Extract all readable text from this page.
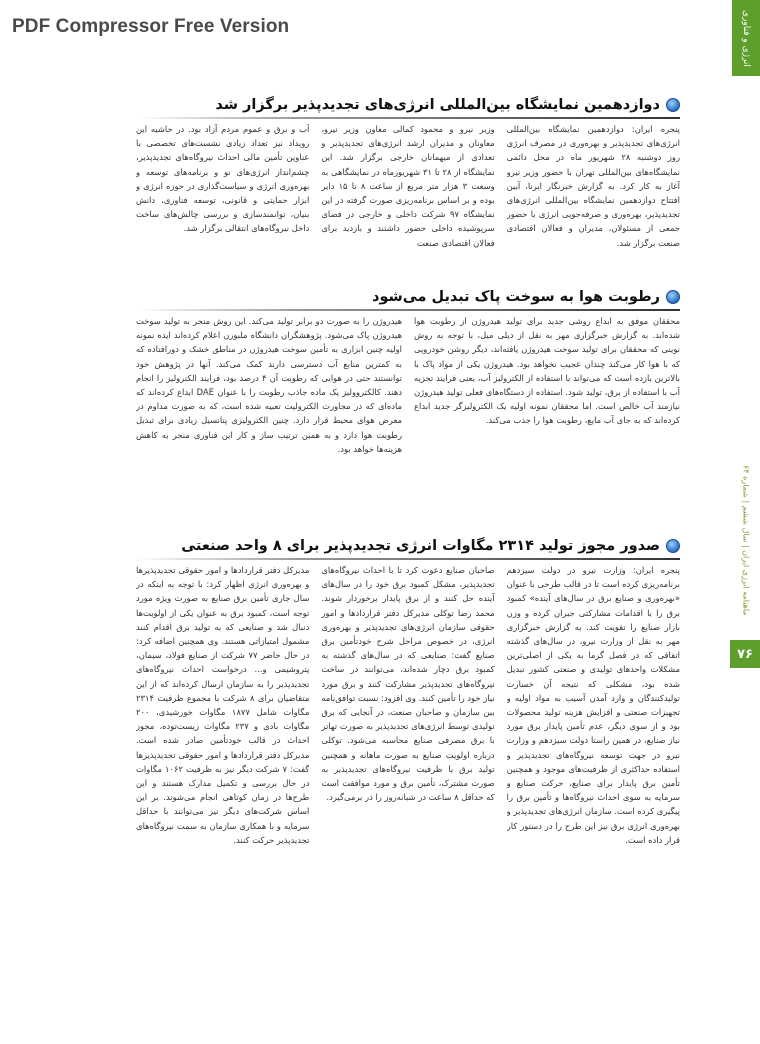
PDF Compressor Free Version	انرژی و فناوری
ماهنامه انرژی ایران | سال ششم | شماره ۶۴
۷۶
دوازدهمین نمایشگاه بین‌المللی انرژی‌های تجدیدپذیر برگزار شد

پنجره ایران: دوازدهمین نمایشگاه بین‌المللی انرژی‌های تجدیدپذیر و بهره‌وری در مصرف انرژی روز دوشنبه ۲۸ شهریور ماه در محل دائمی نمایشگاه‌های بین‌المللی تهران با حضور وزیر نیرو آغاز به کار کرد. به گزارش خبرنگار ایرنا، آیین افتتاح دوازدهمین نمایشگاه بین‌المللی انرژی‌های تجدیدپذیر، بهره‌وری و صرفه‌جویی انرژی با حضور جمعی از مسئولان، مدیران و فعالان اقتصادی صنعت برگزار شد.

وزیر نیرو و محمود کمالی معاون وزیر نیرو، معاونان و مدیران ارشد انرژی‌های تجدیدپذیر و تعدادی از میهمانان خارجی برگزار شد. این نمایشگاه از ۲۸ تا ۳۱ شهریورماه در نمایشگاهی به وسعت ۳ هزار متر مربع از ساعت ۸ تا ۱۵ دایر بوده و بر اساس برنامه‌ریزی صورت گرفته در این نمایشگاه ۹۷ شرکت داخلی و خارجی در فضای سرپوشیده داخلی حضور داشتند و بازدید برای فعالان اقتصادی صنعت

آب و برق و عموم مردم آزاد بود. در حاشیه این رویداد نیز تعداد زیادی نشست‌های تخصصی با عناوین تأمین مالی احداث نیروگاه‌های تجدیدپذیر، چشم‌انداز انرژی‌های نو و برنامه‌های توسعه و بهره‌وری انرژی و سیاست‌گذاری در حوزه انرژی و ابزار حمایتی و قانونی، توسعه فناوری، دانش بنیان، توانمندسازی و بررسی چالش‌های ساخت داخل نیروگاه‌های انتقالی برگزار شد.

رطوبت هوا به سوخت پاک تبدیل می‌شود

محققان موفق به ابداع روشی جدید برای تولید هیدروژن از رطوبت هوا شده‌اند. به گزارش خبرگزاری مهر به نقل از دیلی میل، با توجه به روش نوینی که محققان برای تولید سوخت هیدروژن یافته‌اند، دیگر روشن خودرویی که با هوا کار می‌کند چندان عجیب نخواهد بود. هیدروژن یکی از مواد پاک با بالاترین بازده است که می‌تواند با استفاده از الکترولیز آب، یعنی فرایند تجزیه آب با استفاده از برق، تولید شود. استفاده از دستگاه‌های فعلی تولید هیدروژن نیازمند آب خالص است. اما محققان نمونه اولیه یک الکترولیزگر جدید ابداع کرده‌اند که به جای آب مایع، رطوبت هوا را جذب می‌کند.

هیدروژن را به صورت دو برابر تولید می‌کند. این روش منجر به تولید سوخت هیدروژن پاک می‌شود. پژوهشگران دانشگاه ملبورن اعلام کرده‌اند ایده نمونه اولیه چنین ابزاری به تأمین سوخت هیدروژن در مناطق خشک و دورافتاده که به کمترین منابع آب دسترسی دارند کمک می‌کند. آنها در پژوهش خود توانستند حتی در هوایی که رطوبت آن ۴ درصد بود، فرایند الکترولیز را انجام دهند. کالکتروولیز یک ماده جاذب رطوبت را با عنوان DAE ابداع کرده‌اند که ماده‌ای که در مجاورت الکترولیت تعبیه شده است، که به صورت مداوم در معرض هوای محیط قرار دارد. چنین الکترولیزی پتانسیل زیادی برای تبدیل رطوبت هوا دارد و به همین ترتیب ساز و کار این فناوری منجر به کاهش هزینه‌ها خواهد بود.

صدور مجوز تولید ۲۳۱۴ مگاوات انرژی تجدیدپذیر برای ۸ واحد صنعتی

پنجره ایران: وزارت نیرو در دولت سیزدهم برنامه‌ریزی کرده است تا در قالب طرحی با عنوان «بهره‌وری و صنایع برق در سال‌های آینده» کمبود برق را با اقدامات مشارکتی جبران کرده و وزن بازار صنایع را تقویت کند. به گزارش خبرگزاری مهر به نقل از وزارت نیرو، در سال‌های گذشته اتفاقی که در فصل گرما به یکی از اصلی‌ترین مشکلات واحدهای تولیدی و صنعتی کشور تبدیل شده بود، مشکلی که نتیجه آن خسارت تولیدکنندگان و وارد آمدن آسیب به مواد اولیه و تجهیزات صنعتی و افزایش هزینه تولید محصولات بود و از سوی دیگر، عدم تأمین پایدار برق مورد نیاز صنایع، در همین راستا دولت سیزدهم و وزارت نیرو در جهت توسعه نیروگاه‌های تجدیدپذیر و استفاده حداکثری از ظرفیت‌های موجود و همچنین تأمین برق پایدار برای صنایع، حرکت صنایع و سرمایه به سوی احداث نیروگاه‌ها و تأمین برق را پیگیری کرده است. سازمان انرژی‌های تجدیدپذیر و بهره‌وری انرژی برق نیز این طرح را در دستور کار قرار داده است.

صاحبان صنایع دعوت کرد تا با احداث نیروگاه‌های تجدیدپذیر، مشکل کمبود برق خود را در سال‌های آینده حل کنند و از برق پایدار برخوردار شوند. محمد رضا توکلی مدیرکل دفتر قراردادها و امور حقوقی سازمان انرژی‌های تجدیدپذیر و بهره‌وری انرژی، در خصوص مراحل شرح خودتأمین برق صنایع گفت: صنایعی که در سال‌های گذشته به کمبود برق دچار شده‌اند، می‌توانند در ساخت نیروگاه‌های تجدیدپذیر مشارکت کنند و برق مورد نیاز خود را تأمین کنند. وی افزود: نسبت توافق‌نامه بین سازمان و صاحبان صنعت، در آنجایی که برق تولیدی توسط انرژی‌های تجدیدپذیر به صورت تهاتر با برق مصرفی صنایع محاسبه می‌شود. توکلی درباره اولویت صنایع به صورت ماهانه و همچنین تولید برق با ظرفیت نیروگاه‌های تجدیدپذیر به صورت مشترک، تأمین برق و مورد موافقت است که حداقل ۸ ساعت در شبانه‌روز را در برمی‌گیرد.

مدیرکل دفتر قراردادها و امور حقوقی تجدیدپذیرها و بهره‌وری انرژی اظهار کرد: با توجه به اینکه در سال جاری تأمین برق صنایع به صورت ویژه مورد توجه است، کمبود برق به عنوان یکی از اولویت‌ها دنبال شد و صنایعی که به تولید برق اقدام کنند مشمول امتیازاتی هستند. وی همچنین اضافه کرد: در حال حاضر ۷۷ شرکت از صنایع فولاد، سیمان، پتروشیمی و... درخواست احداث نیروگاه‌های تجدیدپذیر را به سازمان ارسال کرده‌اند که از این متقاضیان برای ۸ شرکت با مجموع ظرفیت ۲۳۱۴ مگاوات شامل ۱۸۷۷ مگاوات خورشیدی، ۲۰۰ مگاوات بادی و ۲۳۷ مگاوات زیست‌توده، مجوز احداث در قالب خودتأمین صادر شده است. مدیرکل دفتر قراردادها و امور حقوقی تجدیدپذیرها گفت: ۷ شرکت دیگر نیز به ظرفیت ۱۰۶۲ مگاوات در حال بررسی و تکمیل مدارک هستند و این طرح‌ها در زمان کوتاهی انجام می‌شوند. بر این اساس شرکت‌های دیگر نیز می‌توانند با حداقل سرمایه و با همکاری سازمان به سمت نیروگاه‌های تجدیدپذیر حرکت کنند.
